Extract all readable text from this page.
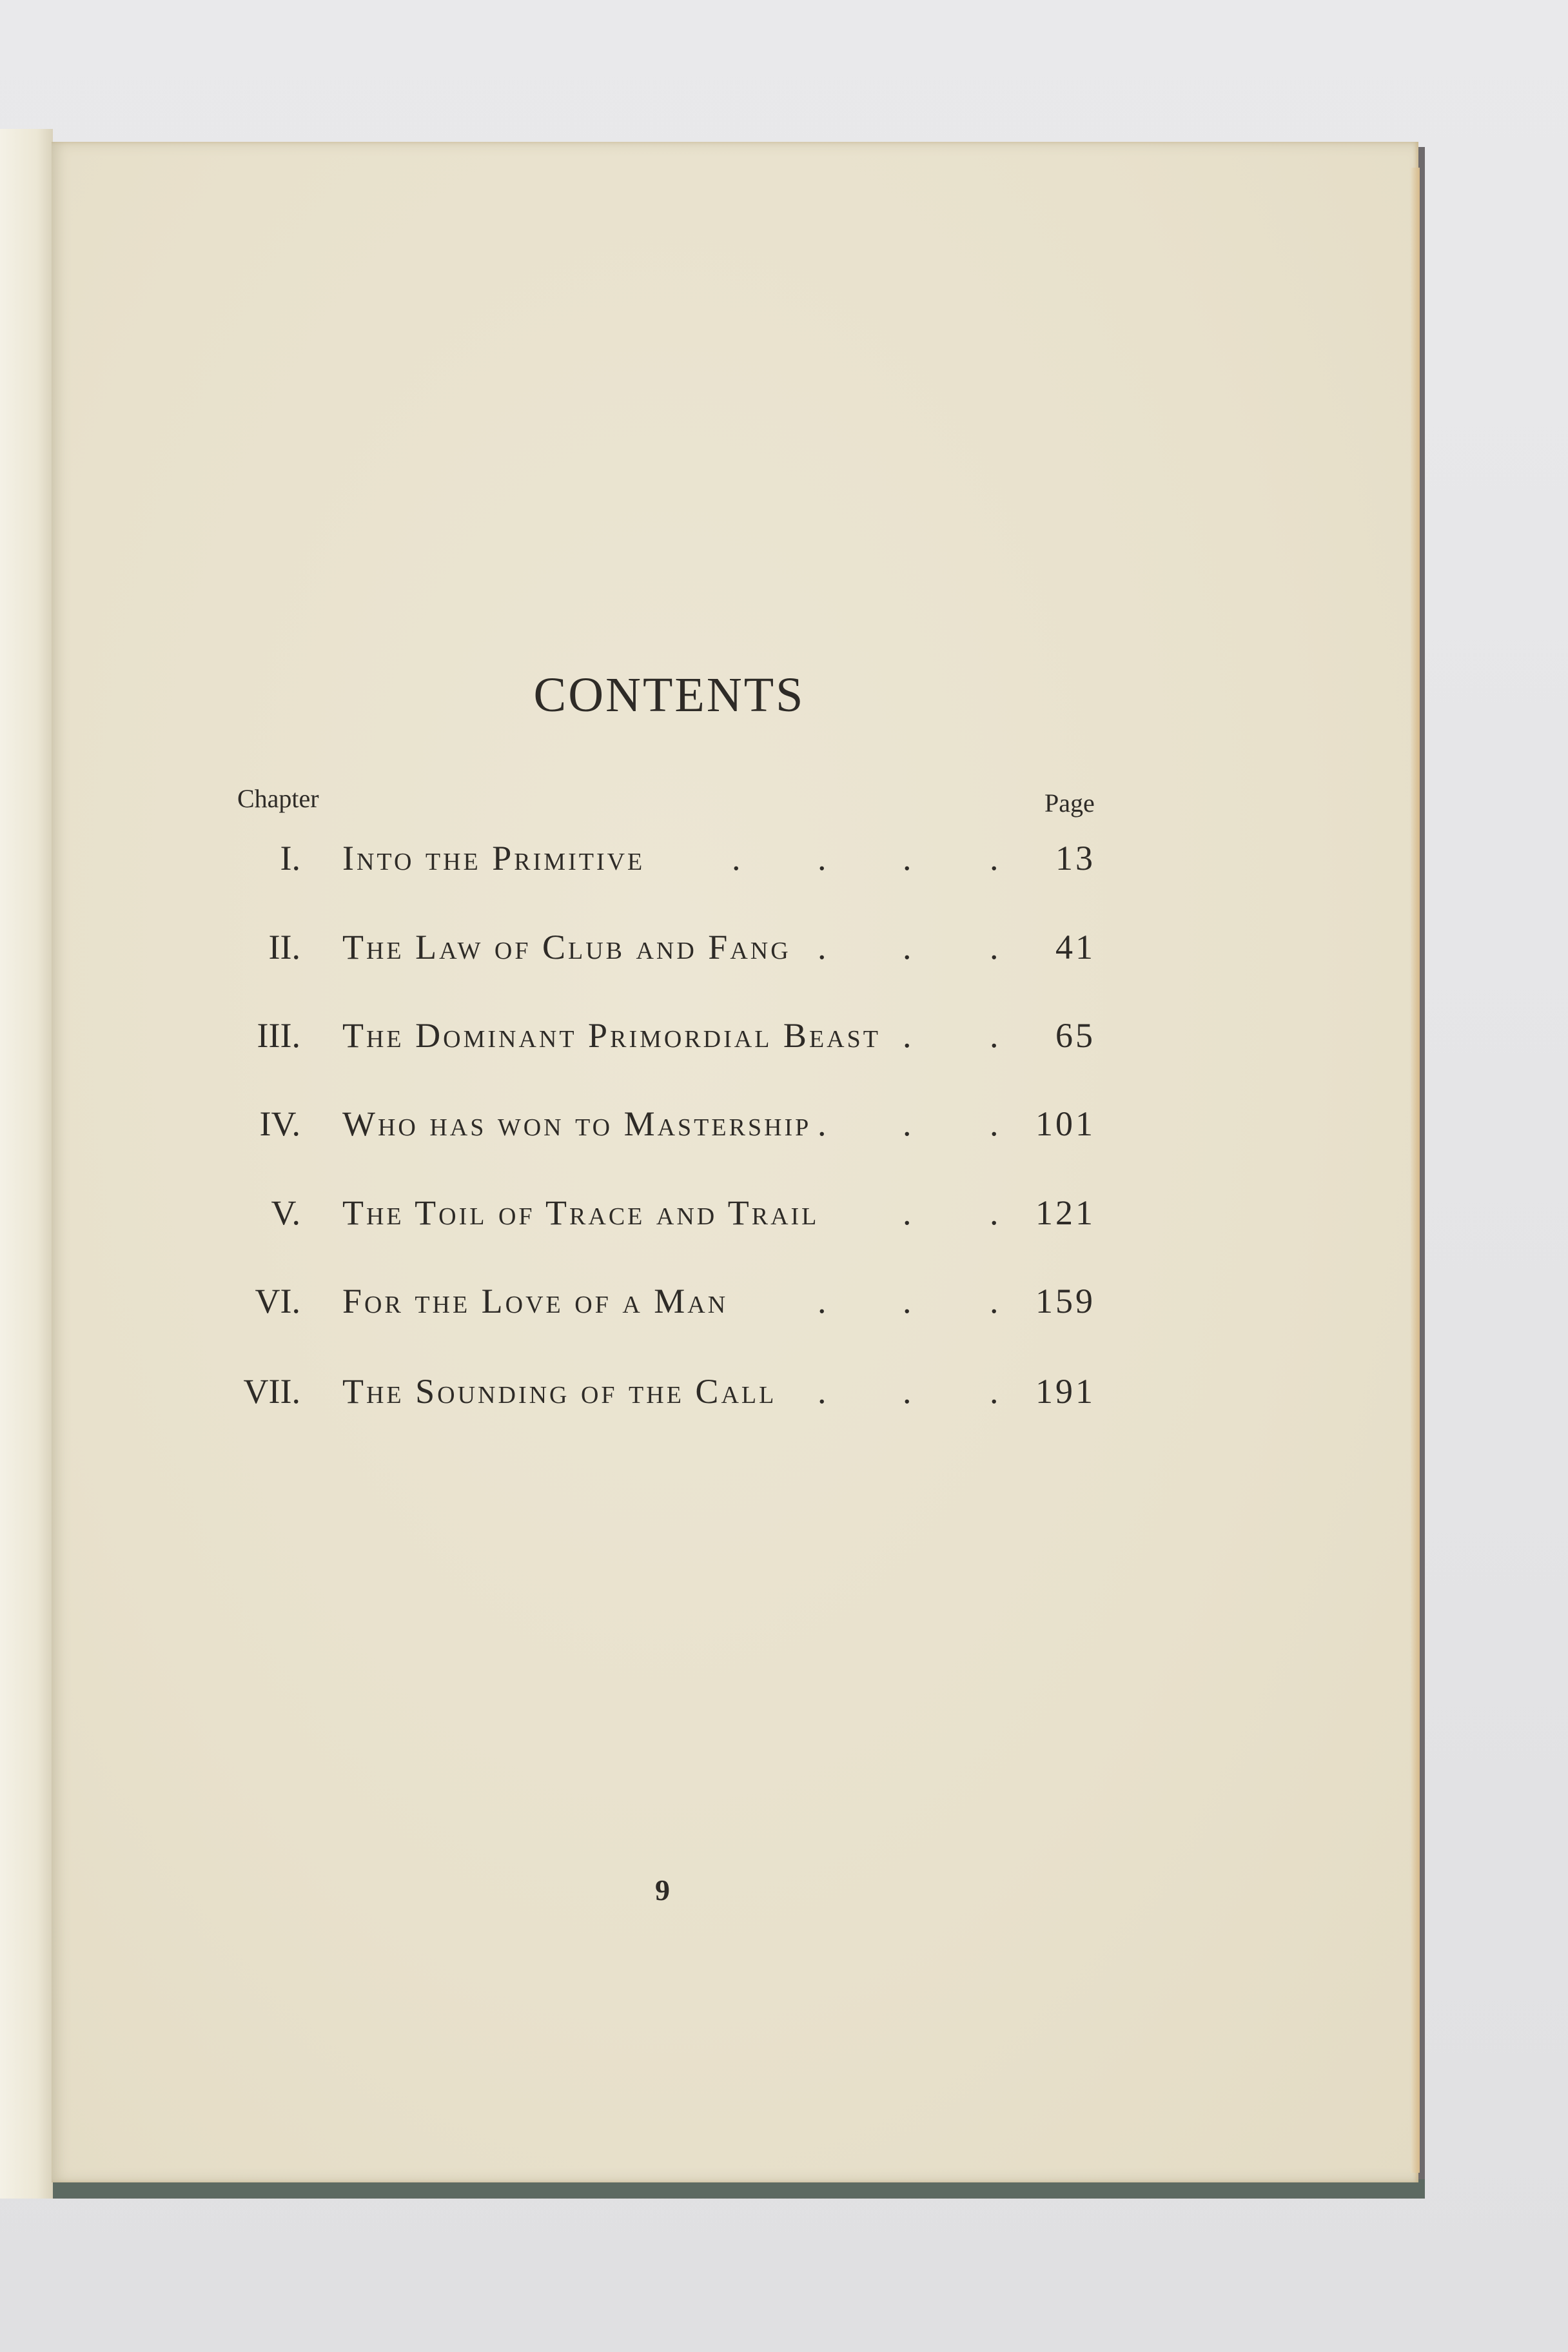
CONTENTS
Chapter	Page
I. Into the Primitive	13
. . . .
II. The Law of Club and Fang	41
. . .
III. The Dominant Primordial Beast	65
. .
IV. Who has won to Mastership	101
. . .
V. The Toil of Trace and Trail	121
. .
VI. For the Love of a Man	159
. . .
VII. The Sounding of the Call	191
. . .
9
